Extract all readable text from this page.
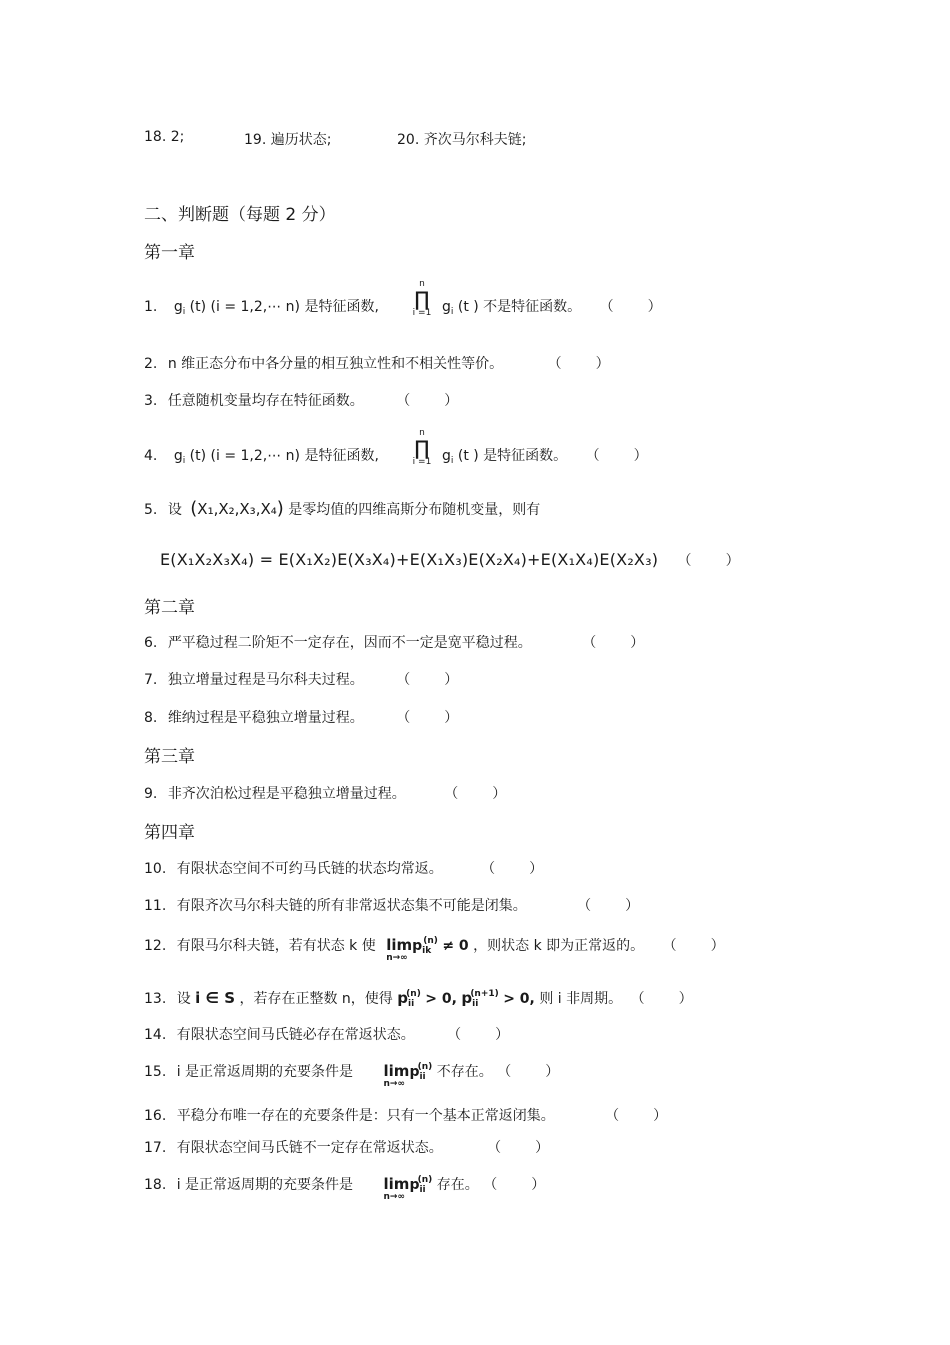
18. 2;	19. 遍历状态;	20. 齐次马尔科夫链;
二、判断题（每题 2 分）
第一章
1. $g_i$ (t) (i = 1,2,⋯ n) 是特征函数,
n
∏
i =1 $g_i$ (t ) 不是特征函数。 （ ）
2. n 维正态分布中各分量的相互独立性和不相关性等价。	（ ）
3. 任意随机变量均存在特征函数。 （ ）
4. $g_i$ (t) (i = 1,2,⋯ n) 是特征函数,
n
∏
i =1 $g_i$ (t ) 是特征函数。 （ ）
5. 设 (X₁,X₂,X₃,X₄) 是零均值的四维高斯分布随机变量，则有
E(X₁X₂X₃X₄) = E(X₁X₂)E(X₃X₄)+E(X₁X₃)E(X₂X₄)+E(X₁X₄)E(X₂X₃) （ ）
第二章
6. 严平稳过程二阶矩不一定存在，因而不一定是宽平稳过程。	（ ）
7. 独立增量过程是马尔科夫过程。 （ ）
8. 维纳过程是平稳独立增量过程。 （ ）
第三章
9. 非齐次泊松过程是平稳独立增量过程。	（ ）
第四章
10. 有限状态空间不可约马氏链的状态均常返。	（ ）
11. 有限齐次马尔科夫链的所有非常返状态集不可能是闭集。	（ ）
12. 有限马尔科夫链，若有状态 k 使 lim
n→∞
$p_{ik}^{(n)} \ne 0$ ，则状态 k 即为正常返的。 （ ）
13. 设 i ∈ S ，若存在正整数 n，使得 $p_{ii}^{(n)} > 0$, $p_{ii}^{(n+1)} > 0$, 则 i 非周期。 （ ）
14. 有限状态空间马氏链必存在常返状态。 （ ）
15. i 是正常返周期的充要条件是 lim
n→∞
$p_{ii}^{(n)}$ 不存在。 （ ）
16. 平稳分布唯一存在的充要条件是：只有一个基本正常返闭集。	（ ）
17. 有限状态空间马氏链不一定存在常返状态。	（ ）
18. i 是正常返周期的充要条件是 lim
n→∞
$p_{ii}^{(n)}$ 存在。 （ ）
